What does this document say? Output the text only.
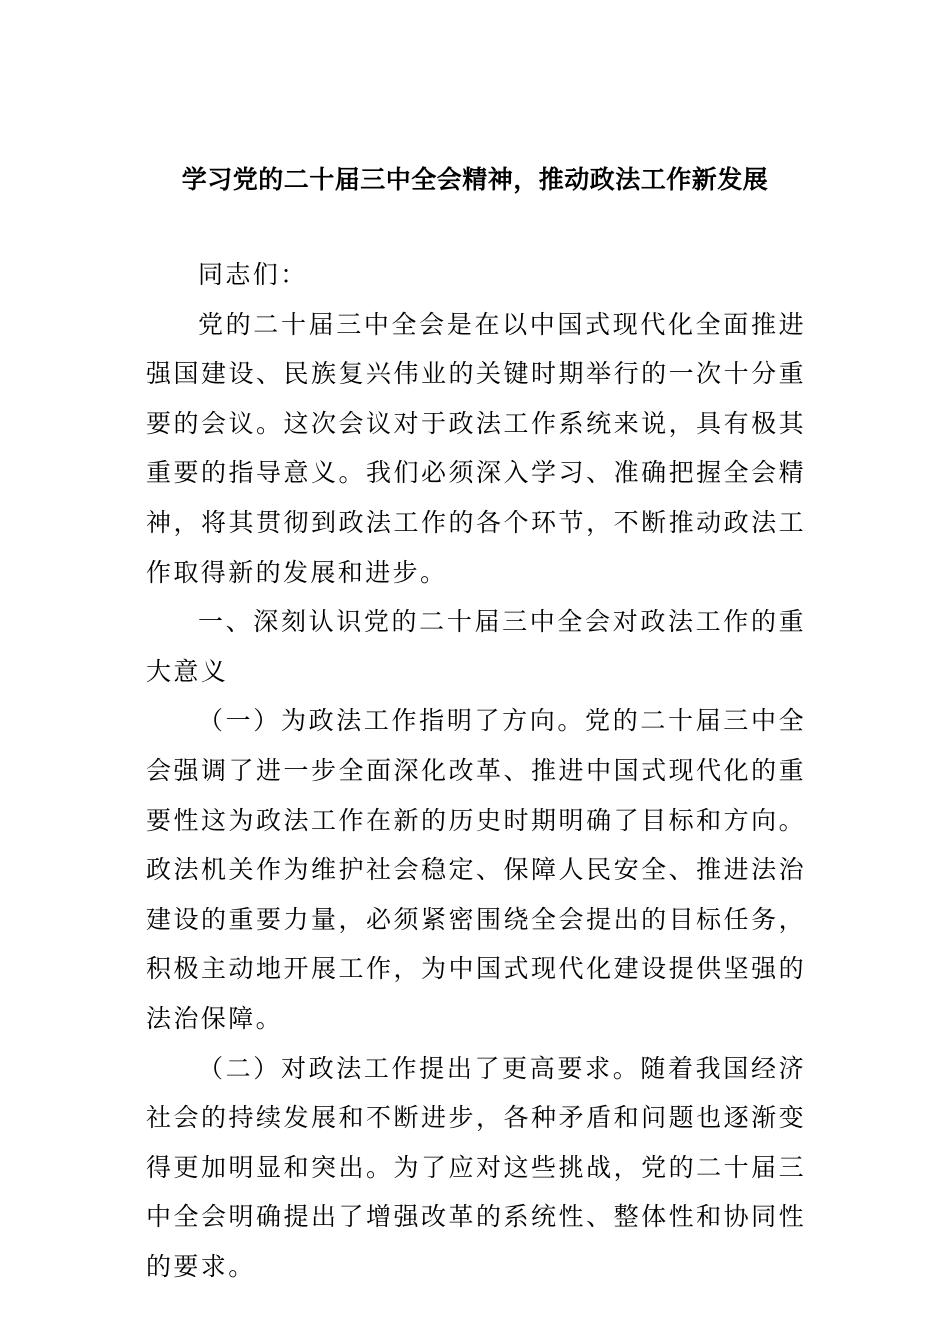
学习党的二十届三中全会精神，推动政法工作新发展

同志们：

党的二十届三中全会是在以中国式现代化全面推进强国建设、民族复兴伟业的关键时期举行的一次十分重要的会议。这次会议对于政法工作系统来说，具有极其重要的指导意义。我们必须深入学习、准确把握全会精神，将其贯彻到政法工作的各个环节，不断推动政法工作取得新的发展和进步。

一、深刻认识党的二十届三中全会对政法工作的重大意义

（一）为政法工作指明了方向。党的二十届三中全会强调了进一步全面深化改革、推进中国式现代化的重要性这为政法工作在新的历史时期明确了目标和方向。政法机关作为维护社会稳定、保障人民安全、推进法治建设的重要力量，必须紧密围绕全会提出的目标任务，积极主动地开展工作，为中国式现代化建设提供坚强的法治保障。

（二）对政法工作提出了更高要求。随着我国经济社会的持续发展和不断进步，各种矛盾和问题也逐渐变得更加明显和突出。为了应对这些挑战，党的二十届三中全会明确提出了增强改革的系统性、整体性和协同性的要求。
